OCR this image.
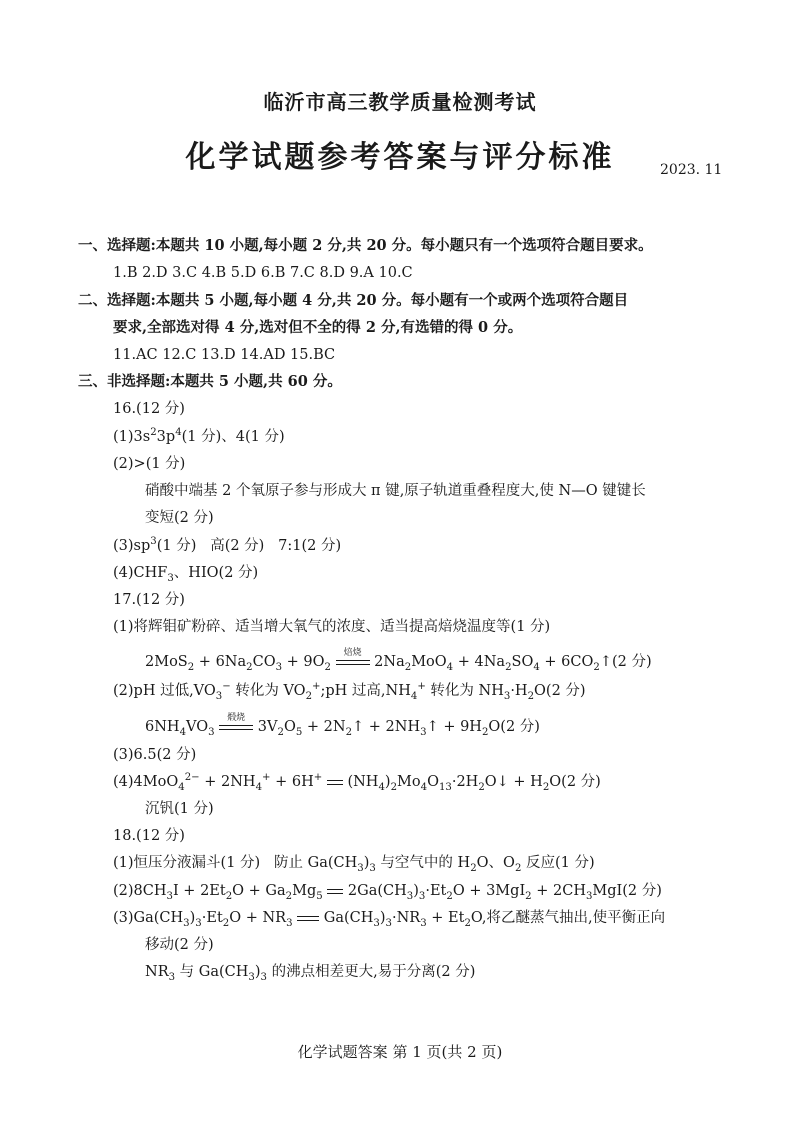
临沂市高三教学质量检测考试
化学试题参考答案与评分标准	2023. 11
一、选择题:本题共 10 小题,每小题 2 分,共 20 分。每小题只有一个选项符合题目要求。
1.B 2.D 3.C 4.B 5.D 6.B 7.C 8.D 9.A 10.C
二、选择题:本题共 5 小题,每小题 4 分,共 20 分。每小题有一个或两个选项符合题目
要求,全部选对得 4 分,选对但不全的得 2 分,有选错的得 0 分。
11.AC 12.C 13.D 14.AD 15.BC
三、非选择题:本题共 5 小题,共 60 分。
16.(12 分)
$(1)3s^23p^4(1$ 分)、4(1 分)
(2)>(1 分)
硝酸中端基 2 个氧原子参与形成大 π 键,原子轨道重叠程度大,使 N—O 键键长
变短(2 分)
$(3)sp^3(1$ 分)   高(2 分)   7:1(2 分)
$(4)CHF_3$、HIO(2 分)
17.(12 分)
(1)将辉钼矿粉碎、适当增大氧气的浓度、适当提高焙烧温度等(1 分)
$2MoS_2 + 6Na_2CO_3 + 9O_2$
焙烧
$2Na_2MoO_4 + 4Na_2SO_4$ + $6CO_2↑(2$ 分)
(2)pH 过低$,VO_3^-$ 转化为 $VO_2^+;pH$ 过高$,NH_4^+$ 转化为 $NH_3\cdot H_2O(2$ 分)
$6NH_4VO_3$
煅烧
$3V_2O_5$ + $2N_2↑$ + $2NH_3↑ + 9H_2O(2$ 分)
(3)6.5(2 分)
$(4)4MoO_4^{2-} + 2NH_4^+ + 6H^+$  $(NH_4)_2Mo_4O_{13}\cdot 2H_2O↓ + H_2O(2$ 分)
沉钒(1 分)
18.(12 分)
(1)恒压分液漏斗(1 分)   防止 $Ga(CH_3)_3$ 与空气中的 $H_2O$、$O_2$ 反应(1 分)
$(2)8CH_3I + 2Et_2O + Ga_2Mg_5$  $2Ga(CH_3)_3\cdot Et_2O + 3MgI_2 + 2CH_3MgI(2$ 分)
$(3)Ga(CH_3)_3\cdot Et_2O + NR_3$  $Ga(CH_3)_3\cdot NR_3 + Et_2O$,将乙醚蒸气抽出,使平衡正向
移动(2 分)
$NR_3$ 与 $Ga(CH_3)_3$ 的沸点相差更大,易于分离(2 分)
化学试题答案 第 1 页(共 2 页)
